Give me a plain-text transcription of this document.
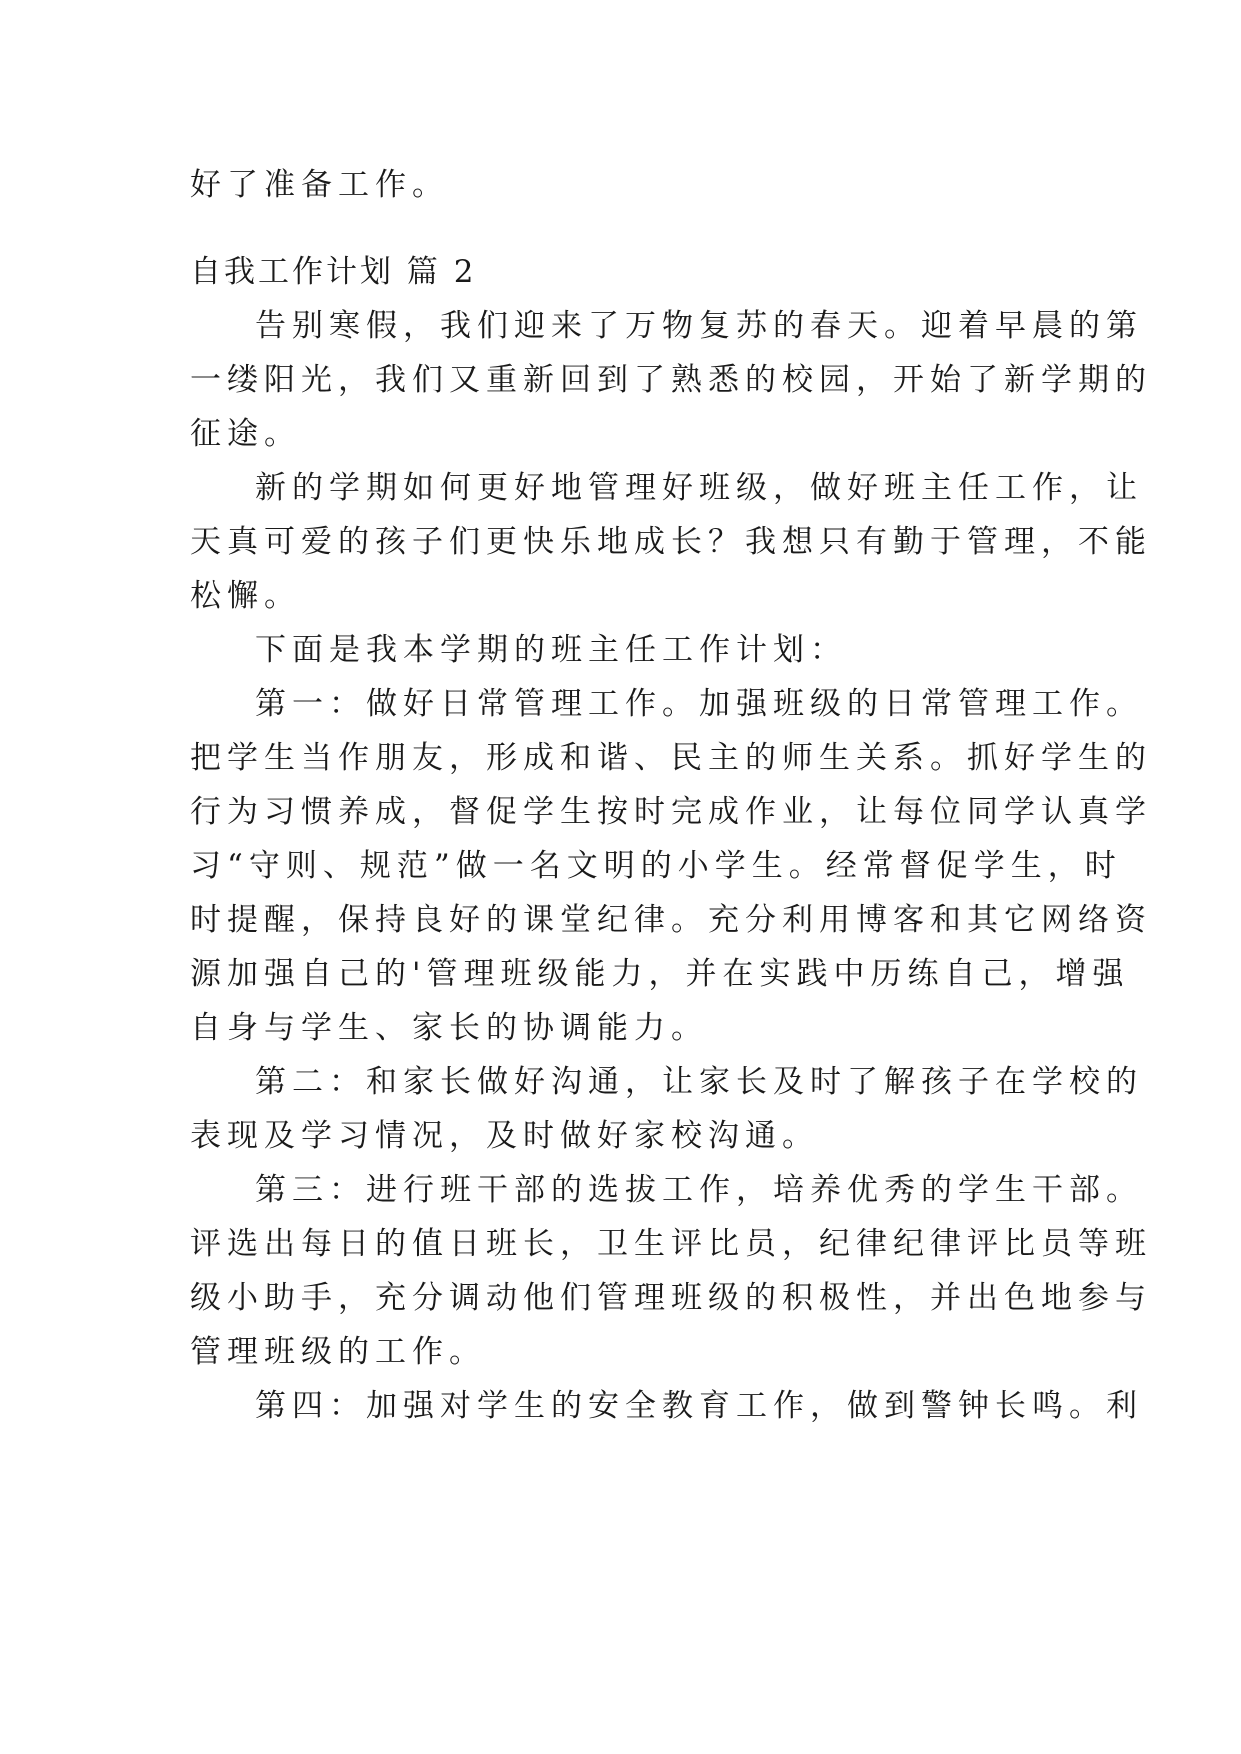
好了准备工作。
自我工作计划 篇 2
告别寒假，我们迎来了万物复苏的春天。迎着早晨的第
一缕阳光，我们又重新回到了熟悉的校园，开始了新学期的
征途。
新的学期如何更好地管理好班级，做好班主任工作，让
天真可爱的孩子们更快乐地成长？我想只有勤于管理，不能
松懈。
下面是我本学期的班主任工作计划：
第一：做好日常管理工作。加强班级的日常管理工作。
把学生当作朋友，形成和谐、民主的师生关系。抓好学生的
行为习惯养成，督促学生按时完成作业，让每位同学认真学
习“守则、规范”做一名文明的小学生。经常督促学生，时
时提醒，保持良好的课堂纪律。充分利用博客和其它网络资
源加强自己的'管理班级能力，并在实践中历练自己，增强
自身与学生、家长的协调能力。
第二：和家长做好沟通，让家长及时了解孩子在学校的
表现及学习情况，及时做好家校沟通。
第三：进行班干部的选拔工作，培养优秀的学生干部。
评选出每日的值日班长，卫生评比员，纪律纪律评比员等班
级小助手，充分调动他们管理班级的积极性，并出色地参与
管理班级的工作。
第四：加强对学生的安全教育工作，做到警钟长鸣。利
